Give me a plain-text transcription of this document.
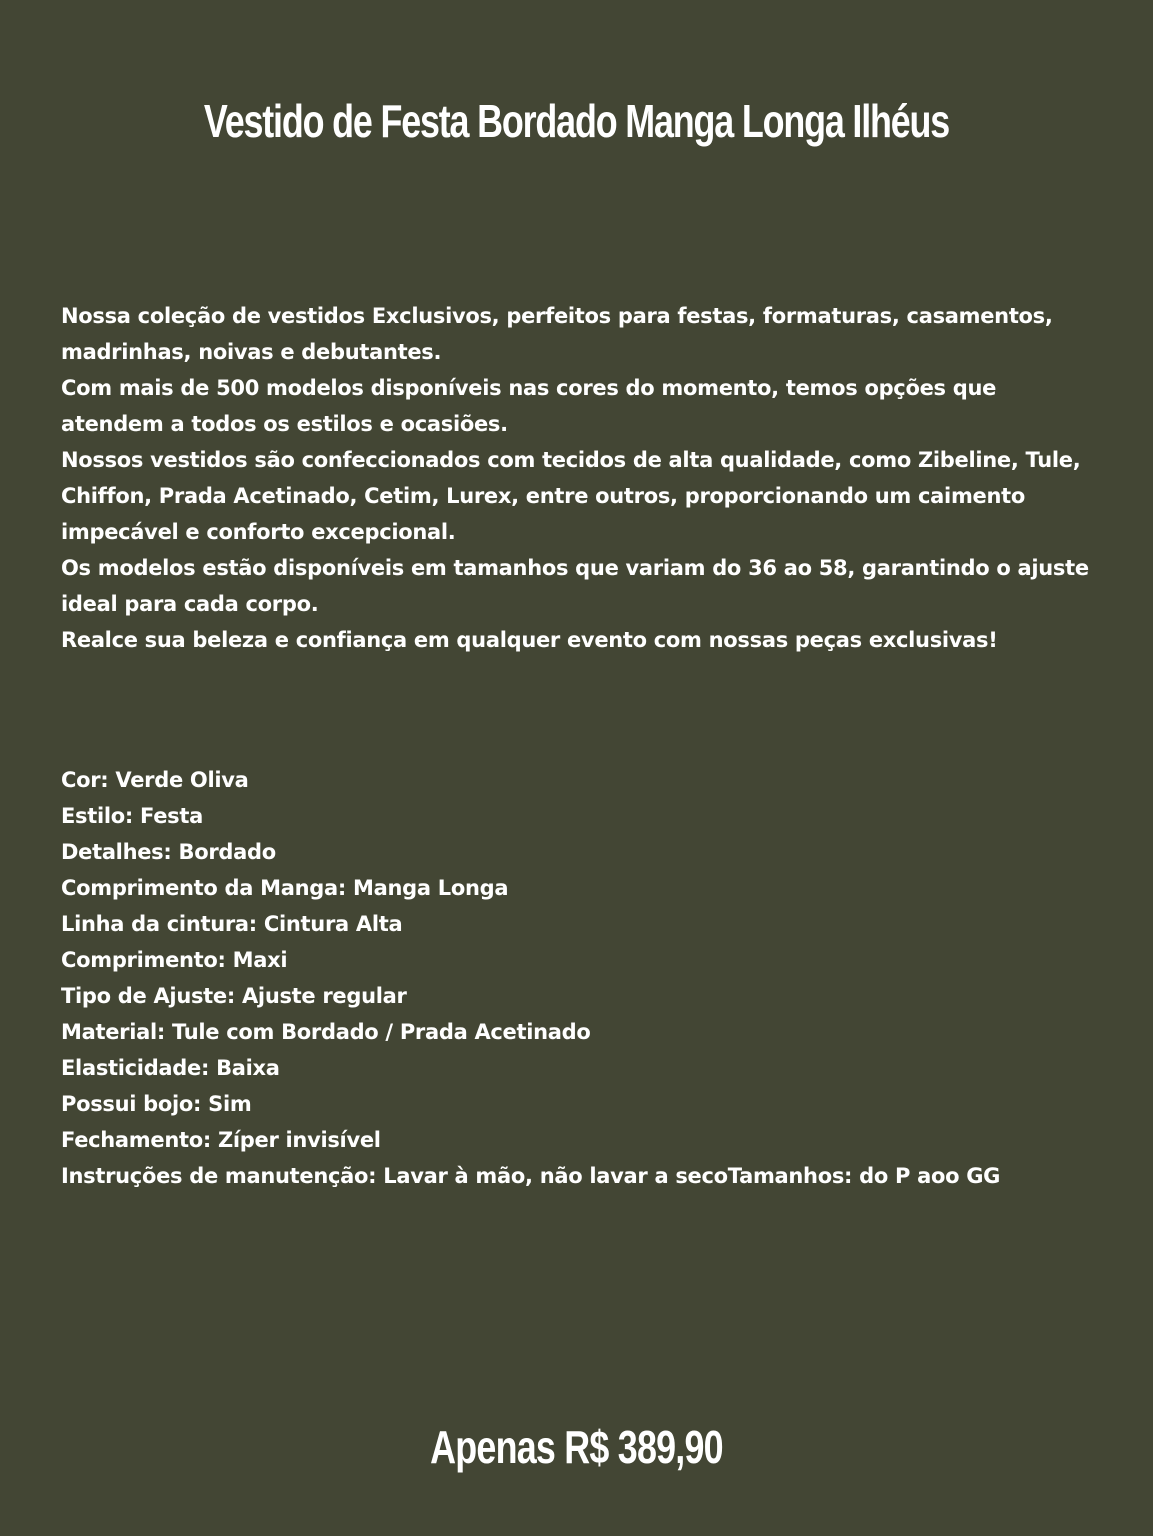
Vestido de Festa Bordado Manga Longa Ilhéus

Nossa coleção de vestidos Exclusivos, perfeitos para festas, formaturas, casamentos, madrinhas, noivas e debutantes.

Com mais de 500 modelos disponíveis nas cores do momento, temos opções que atendem a todos os estilos e ocasiões.

Nossos vestidos são confeccionados com tecidos de alta qualidade, como Zibeline, Tule, Chiffon, Prada Acetinado, Cetim, Lurex, entre outros, proporcionando um caimento impecável e conforto excepcional.

Os modelos estão disponíveis em tamanhos que variam do 36 ao 58, garantindo o ajuste ideal para cada corpo.

Realce sua beleza e confiança em qualquer evento com nossas peças exclusivas!

Cor: Verde Oliva
Estilo: Festa
Detalhes: Bordado
Comprimento da Manga: Manga Longa
Linha da cintura: Cintura Alta
Comprimento: Maxi
Tipo de Ajuste: Ajuste regular
Material: Tule com Bordado / Prada Acetinado
Elasticidade: Baixa
Possui bojo: Sim
Fechamento: Zíper invisível
Instruções de manutenção: Lavar à mão, não lavar a secoTamanhos: do P aoo GG
Apenas R$ 389,90
